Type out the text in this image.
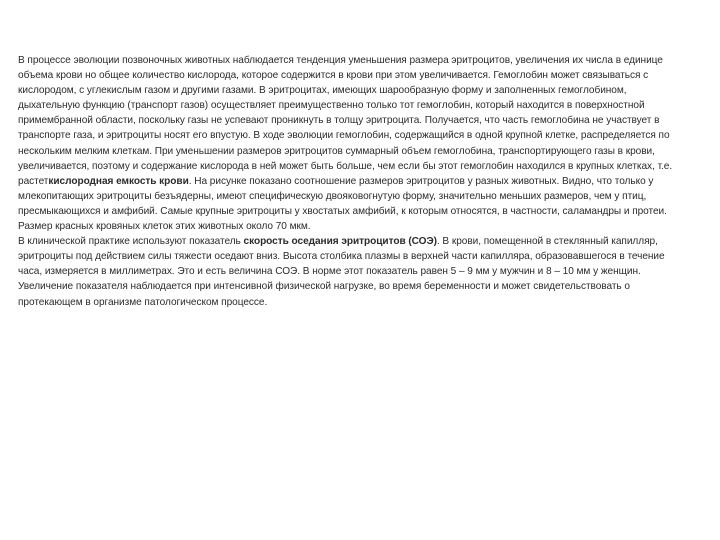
В процессе эволюции позвоночных животных наблюдается тенденция уменьшения размера эритроцитов, увеличения их числа в единице объема крови но общее количество кислорода, которое содержится в крови при этом увеличивается. Гемоглобин может связываться с кислородом, с углекислым газом и другими газами. В эритроцитах, имеющих шарообразную форму и заполненных гемоглобином, дыхательную функцию (транспорт газов) осуществляет преимущественно только тот гемоглобин, который находится в поверхностной примембранной области, поскольку газы не успевают проникнуть в толщу эритроцита. Получается, что часть гемоглобина не участвует в транспорте газа, и эритроциты носят его впустую. В ходе эволюции гемоглобин, содержащийся в одной крупной клетке, распределяется по нескольким мелким клеткам. При уменьшении размеров эритроцитов суммарный объем гемоглобина, транспортирующего газы в крови, увеличивается, поэтому и содержание кислорода в ней может быть больше, чем если бы этот гемоглобин находился в крупных клетках, т.е. растеткислородная емкость крови. На рисунке показано соотношение размеров эритроцитов у разных животных. Видно, что только у млекопитающих эритроциты безъядерны, имеют специфическую двояковогнутую форму, значительно меньших размеров, чем у птиц, пресмыкающихся и амфибий. Самые крупные эритроциты у хвостатых амфибий, к которым относятся, в частности, саламандры и протеи. Размер красных кровяных клеток этих животных около 70 мкм.

В клинической практике используют показатель скорость оседания эритроцитов (СОЭ). В крови, помещенной в стеклянный капилляр, эритроциты под действием силы тяжести оседают вниз. Высота столбика плазмы в верхней части капилляра, образовавшегося в течение часа, измеряется в миллиметрах. Это и есть величина СОЭ. В норме этот показатель равен 5 – 9 мм у мужчин и 8 – 10 мм у женщин. Увеличение показателя наблюдается при интенсивной физической нагрузке, во время беременности и может свидетельствовать о протекающем в организме патологическом процессе.
